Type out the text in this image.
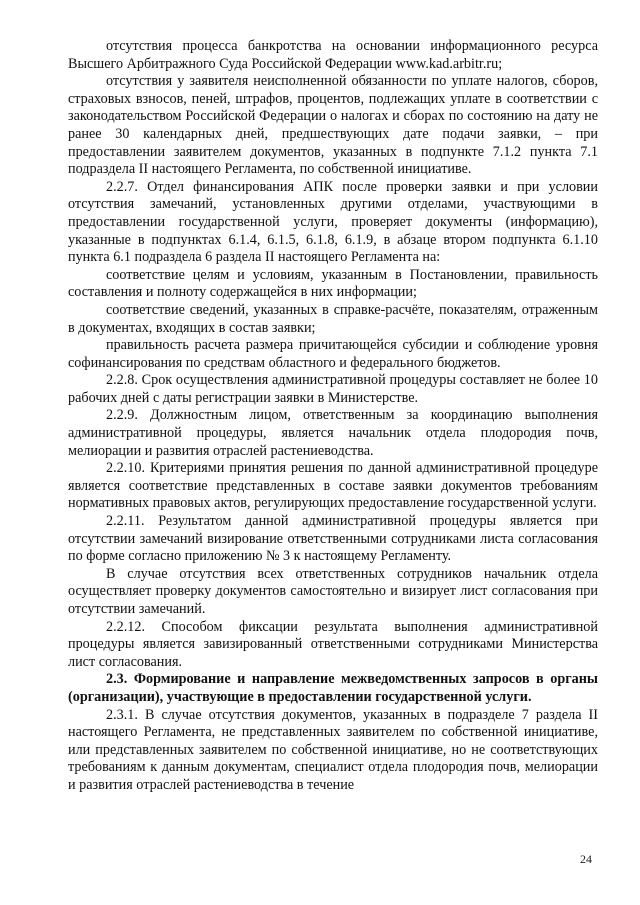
отсутствия процесса банкротства на основании информационного ресурса Высшего Арбитражного Суда Российской Федерации www.kad.arbitr.ru;

отсутствия у заявителя неисполненной обязанности по уплате налогов, сборов, страховых взносов, пеней, штрафов, процентов, подлежащих уплате в соответствии с законодательством Российской Федерации о налогах и сборах по состоянию на дату не ранее 30 календарных дней, предшествующих дате подачи заявки, – при предоставлении заявителем документов, указанных в подпункте 7.1.2 пункта 7.1 подраздела II настоящего Регламента, по собственной инициативе.

2.2.7. Отдел финансирования АПК после проверки заявки и при условии отсутствия замечаний, установленных другими отделами, участвующими в предоставлении государственной услуги, проверяет документы (информацию), указанные в подпунктах 6.1.4, 6.1.5, 6.1.8, 6.1.9, в абзаце втором подпункта 6.1.10 пункта 6.1 подраздела 6 раздела II настоящего Регламента на:

соответствие целям и условиям, указанным в Постановлении, правильность составления и полноту содержащейся в них информации;

соответствие сведений, указанных в справке-расчёте, показателям, отраженным в документах, входящих в состав заявки;

правильность расчета размера причитающейся субсидии и соблюдение уровня софинансирования по средствам областного и федерального бюджетов.

2.2.8. Срок осуществления административной процедуры составляет не более 10 рабочих дней с даты регистрации заявки в Министерстве.

2.2.9. Должностным лицом, ответственным за координацию выполнения административной процедуры, является начальник отдела плодородия почв, мелиорации и развития отраслей растениеводства.

2.2.10. Критериями принятия решения по данной административной процедуре является соответствие представленных в составе заявки документов требованиям нормативных правовых актов, регулирующих предоставление государственной услуги.

2.2.11. Результатом данной административной процедуры является при отсутствии замечаний визирование ответственными сотрудниками листа согласования по форме согласно приложению № 3 к настоящему Регламенту.

В случае отсутствия всех ответственных сотрудников начальник отдела осуществляет проверку документов самостоятельно и визирует лист согласования при отсутствии замечаний.

2.2.12. Способом фиксации результата выполнения административной процедуры является завизированный ответственными сотрудниками Министерства лист согласования.

2.3. Формирование и направление межведомственных запросов в органы (организации), участвующие в предоставлении государственной услуги.

2.3.1. В случае отсутствия документов, указанных в подразделе 7 раздела II настоящего Регламента, не представленных заявителем по собственной инициативе, или представленных заявителем по собственной инициативе, но не соответствующих требованиям к данным документам, специалист отдела плодородия почв, мелиорации и развития отраслей растениеводства в течение

24
